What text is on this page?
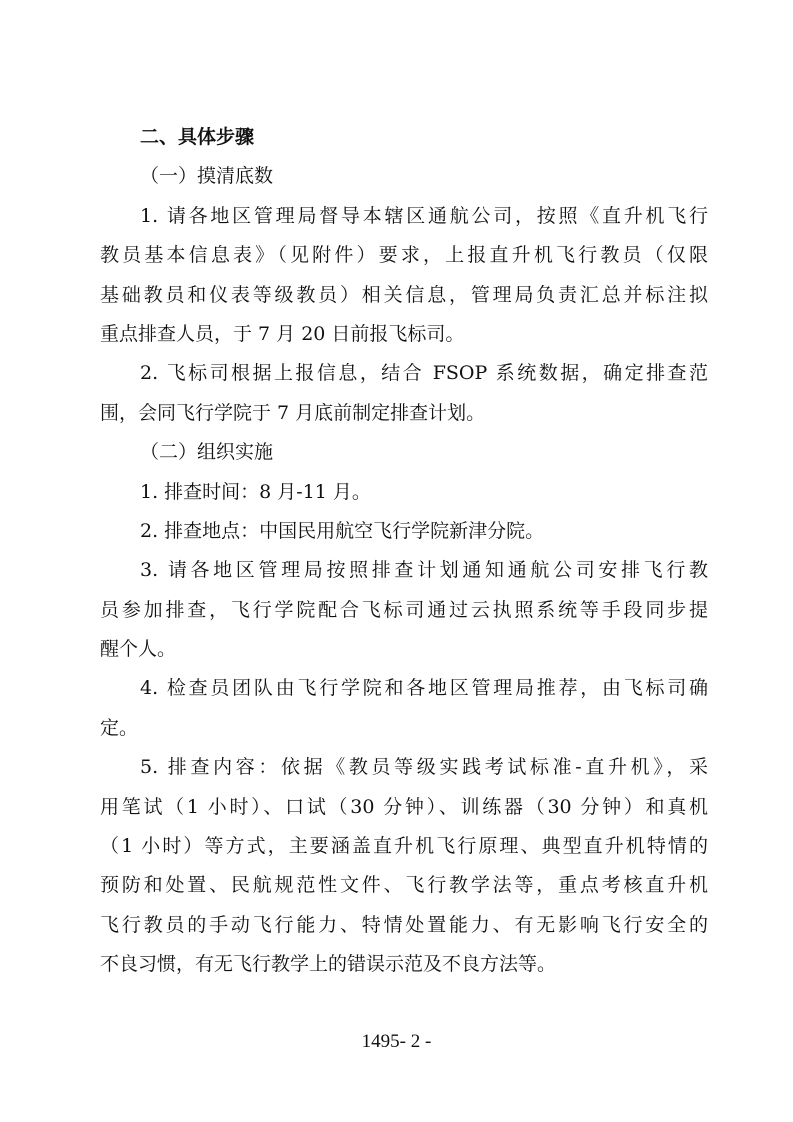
二、具体步骤
（一）摸清底数
1. 请各地区管理局督导本辖区通航公司，按照《直升机飞行
教员基本信息表》（见附件）要求，上报直升机飞行教员（仅限
基础教员和仪表等级教员）相关信息，管理局负责汇总并标注拟
重点排查人员，于 7 月 20 日前报飞标司。
2. 飞标司根据上报信息，结合 FSOP 系统数据，确定排查范
围，会同飞行学院于 7 月底前制定排查计划。
（二）组织实施
1. 排查时间：8 月-11 月。
2. 排查地点：中国民用航空飞行学院新津分院。
3. 请各地区管理局按照排查计划通知通航公司安排飞行教
员参加排查，飞行学院配合飞标司通过云执照系统等手段同步提
醒个人。
4. 检查员团队由飞行学院和各地区管理局推荐，由飞标司确
定。
5. 排查内容：依据《教员等级实践考试标准-直升机》，采
用笔试（1 小时）、口试（30 分钟）、训练器（30 分钟）和真机
（1 小时）等方式，主要涵盖直升机飞行原理、典型直升机特情的
预防和处置、民航规范性文件、飞行教学法等，重点考核直升机
飞行教员的手动飞行能力、特情处置能力、有无影响飞行安全的
不良习惯，有无飞行教学上的错误示范及不良方法等。
1495- 2 -
